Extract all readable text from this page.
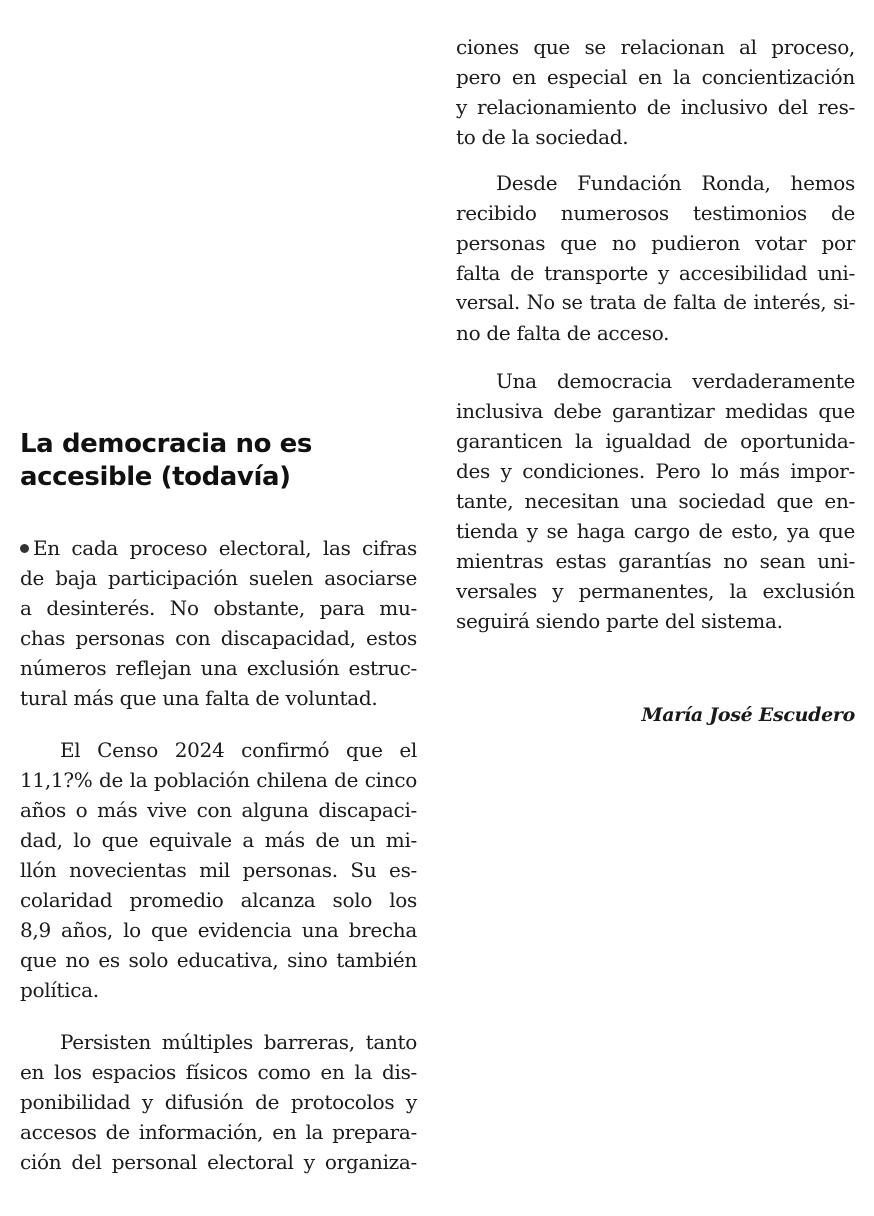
La democracia no es
accesible (todavía)
En cada proceso electoral, las cifras
de baja participación suelen asociarse
a desinterés. No obstante, para mu-
chas personas con discapacidad, estos
números reflejan una exclusión estruc-
tural más que una falta de voluntad.
El Censo 2024 confirmó que el
11,1?% de la población chilena de cinco
años o más vive con alguna discapaci-
dad, lo que equivale a más de un mi-
llón novecientas mil personas. Su es-
colaridad promedio alcanza solo los
8,9 años, lo que evidencia una brecha
que no es solo educativa, sino también
política.
Persisten múltiples barreras, tanto
en los espacios físicos como en la dis-
ponibilidad y difusión de protocolos y
accesos de información, en la prepara-
ción del personal electoral y organiza-
ciones que se relacionan al proceso,
pero en especial en la concientización
y relacionamiento de inclusivo del res-
to de la sociedad.
Desde Fundación Ronda, hemos
recibido numerosos testimonios de
personas que no pudieron votar por
falta de transporte y accesibilidad uni-
versal. No se trata de falta de interés, si-
no de falta de acceso.
Una democracia verdaderamente
inclusiva debe garantizar medidas que
garanticen la igualdad de oportunida-
des y condiciones. Pero lo más impor-
tante, necesitan una sociedad que en-
tienda y se haga cargo de esto, ya que
mientras estas garantías no sean uni-
versales y permanentes, la exclusión
seguirá siendo parte del sistema.
María José Escudero
